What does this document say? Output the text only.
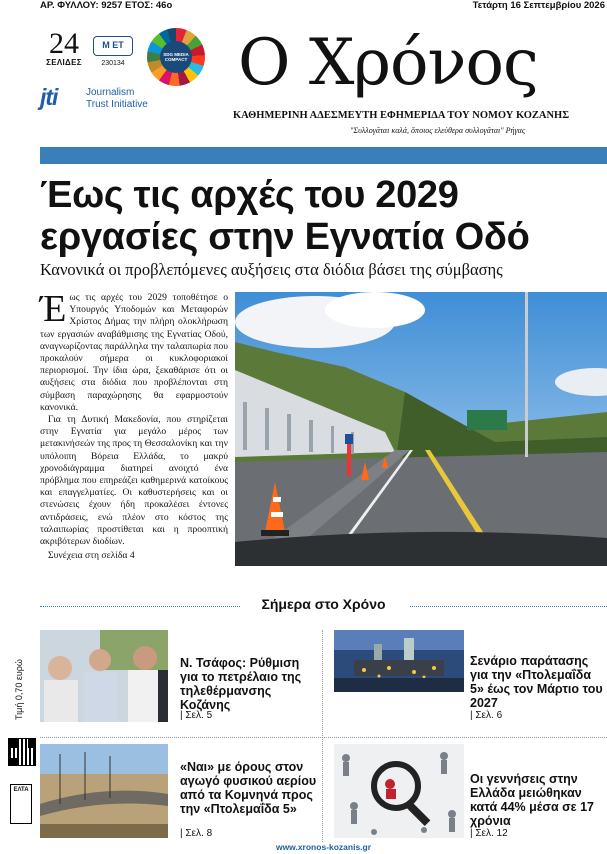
ΑΡ. ΦΥΛΛΟΥ: 9257 ΕΤΟΣ: 46ο	Τετάρτη 16 Σεπτεμβρίου 2026
24
ΣΕΛΙΔΕΣ
Μ ΕΤ
230134
SDG MEDIA COMPACT
jti	Journalism
Trust Initiative
Ο Χρόνος
ΚΑΘΗΜΕΡΙΝΗ ΑΔΕΣΜΕΥΤΗ ΕΦΗΜΕΡΙΔΑ ΤΟΥ ΝΟΜΟΥ ΚΟΖΑΝΗΣ
"Συλλογᾶται καλά, ὅποιος ελεύθερα συλλογᾶται" Ρήγας
Έως τις αρχές του 2029
εργασίες στην Εγνατία Οδό
Κανονικά οι προβλεπόμενες αυξήσεις στα διόδια βάσει της σύμβασης

Έως τις αρχές του 2029 τοποθέτησε ο Υπουργός Υποδομών και Μεταφορών Χρίστος Δήμας την πλήρη ολοκλήρωση των εργασιών αναβάθμισης της Εγνατίας Οδού, αναγνωρίζοντας παράλληλα την ταλαιπωρία που προκαλούν σήμερα οι κυκλοφοριακοί περιορισμοί. Την ίδια ώρα, ξεκαθάρισε ότι οι αυξήσεις στα διόδια που προβλέπονται στη σύμβαση παραχώρησης θα εφαρμοστούν κανονικά.

Για τη Δυτική Μακεδονία, που στηρίζεται στην Εγνατία για μεγάλο μέρος των μετακινήσεών της προς τη Θεσσαλονίκη και την υπόλοιπη Βόρεια Ελλάδα, το μακρύ χρονοδιάγραμμα διατηρεί ανοιχτό ένα πρόβλημα που επηρεάζει καθημερινά κατοίκους και επαγγελματίες. Οι καθυστερήσεις και οι στενώσεις έχουν ήδη προκαλέσει έντονες αντιδράσεις, ενώ πλέον στο κόστος της ταλαιπωρίας προστίθεται και η προοπτική ακριβότερων διοδίων.

Συνέχεια στη σελίδα 4
Σήμερα στο Χρόνο
Τιμή 0,70 ευρώ
ΕΛΤΑ
Ν. Τσάφος: Ρύθμιση για το πετρέλαιο της τηλεθέρμανσης Κοζάνης
| Σελ. 5
Σενάριο παράτασης για την «Πτολεμαΐδα 5» έως τον Μάρτιο του 2027
| Σελ. 6
«Ναι» με όρους στον αγωγό φυσικού αερίου από τα Κομνηνά προς την «Πτολεμαΐδα 5»
| Σελ. 8
Οι γεννήσεις στην Ελλάδα μειώθηκαν κατά 44% μέσα σε 17 χρόνια
| Σελ. 12
www.xronos-kozanis.gr
